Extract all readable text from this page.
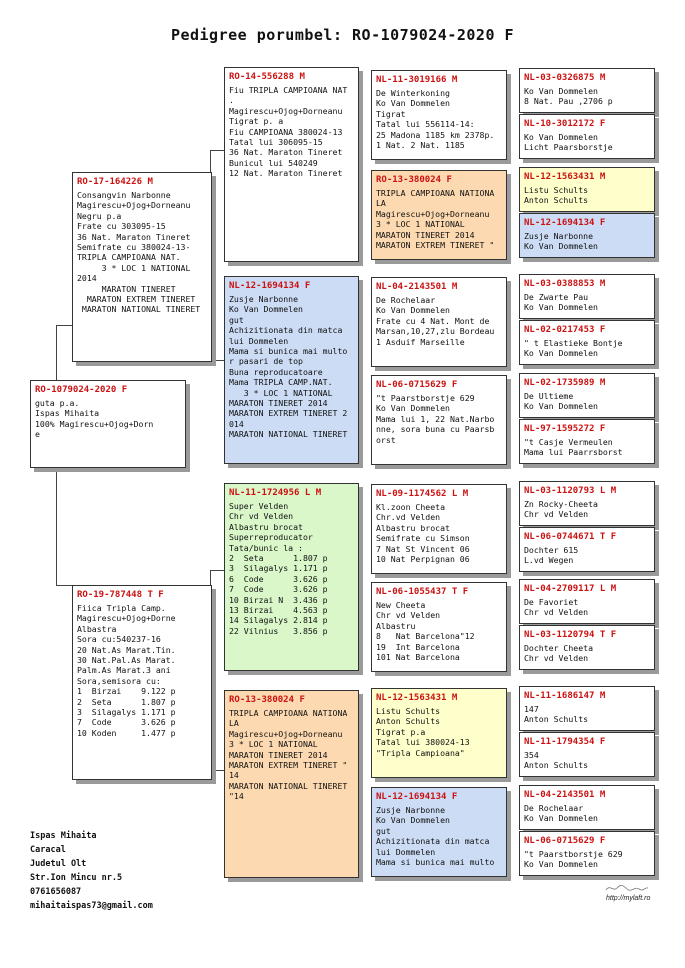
Pedigree porumbel: RO-1079024-2020 F
RO-1079024-2020 F
guta p.a.
Ispas Mihaita
100% Magirescu+Ojog+Dorn
e
RO-17-164226 M
Consangvin Narbonne
Magirescu+Ojog+Dorneanu
Negru p.a
Frate cu 303095-15
36 Nat. Maraton Tineret
Semifrate cu 380024-13-
TRIPLA CAMPIOANA NAT.
3 * LOC 1 NATIONAL
2014
MARATON TINERET
MARATON EXTREM TINERET
MARATON NATIONAL TINERET
RO-19-787448 T F
Fiica Tripla Camp.
Magirescu+Ojog+Dorne
Albastra
Sora cu:540237-16
20 Nat.As Marat.Tin.
30 Nat.Pal.As Marat.
Palm.As Marat.3 ani
Sora,semisora cu:
1  Birzai    9.122 p
2  Seta      1.807 p
3  Silagalys 1.171 p
7  Code      3.626 p
10 Koden     1.477 p
RO-14-556288 M
Fiu TRIPLA CAMPIOANA NAT
.
Magirescu+Ojog+Dorneanu
Tigrat p. a
Fiu CAMPIOANA 380024-13
Tatal lui 306095-15
36 Nat. Maraton Tineret
Bunicul lui 540249
12 Nat. Maraton Tineret
NL-12-1694134 F
Zusje Narbonne
Ko Van Dommelen
gut
Achizitionata din matca
lui Dommelen
Mama si bunica mai multo
r pasari de top
Buna reproducatoare
Mama TRIPLA CAMP.NAT.
3 * LOC 1 NATIONAL
MARATON TINERET 2014
MARATON EXTREM TINERET 2
014
MARATON NATIONAL TINERET
NL-11-1724956 L M
Super Velden
Chr vd Velden
Albastru brocat
Superreproducator
Tata/bunic la :
2  Seta      1.807 p
3  Silagalys 1.171 p
6  Code      3.626 p
7  Code      3.626 p
10 Birzai N  3.436 p
13 Birzai    4.563 p
14 Silagalys 2.814 p
22 Vilnius   3.856 p
RO-13-380024 F
TRIPLA CAMPIOANA NATIONA
LA
Magirescu+Ojog+Dorneanu
3 * LOC 1 NATIONAL
MARATON TINERET 2014
MARATON EXTREM TINERET "
14
MARATON NATIONAL TINERET
"14
NL-11-3019166 M
De Winterkoning
Ko Van Dommelen
Tigrat
Tatal lui 556114-14:
25 Madona 1185 km 2378p.
1 Nat. 2 Nat. 1185
RO-13-380024 F
TRIPLA CAMPIOANA NATIONA
LA
Magirescu+Ojog+Dorneanu
3 * LOC 1 NATIONAL
MARATON TINERET 2014
MARATON EXTREM TINERET "
NL-04-2143501 M
De Rochelaar
Ko Van Dommelen
Frate cu 4 Nat. Mont de
Marsan,10,27,zlu Bordeau
1 Asduif Marseille
NL-06-0715629 F
"t Paarstborstje 629
Ko Van Dommelen
Mama lui 1, 22 Nat.Narbo
nne, sora buna cu Paarsb
orst
NL-09-1174562 L M
Kl.zoon Cheeta
Chr.vd Velden
Albastru brocat
Semifrate cu Simson
7 Nat St Vincent 06
10 Nat Perpignan 06
NL-06-1055437 T F
New Cheeta
Chr vd Velden
Albastru
8   Nat Barcelona"12
19  Int Barcelona
101 Nat Barcelona
NL-12-1563431 M
Listu Schults
Anton Schults
Tigrat p.a
Tatal lui 380024-13
"Tripla Campioana"
NL-12-1694134 F
Zusje Narbonne
Ko Van Dommelen
gut
Achizitionata din matca
lui Dommelen
Mama si bunica mai multo
NL-03-0326875 M
Ko Van Dommelen
8 Nat. Pau ,2706 p
NL-10-3012172 F
Ko Van Dommelen
Licht Paarsborstje
NL-12-1563431 M
Listu Schults
Anton Schults
NL-12-1694134 F
Zusje Narbonne
Ko Van Dommelen
NL-03-0388853 M
De Zwarte Pau
Ko Van Dommelen
NL-02-0217453 F
" t Elastieke Bontje
Ko Van Dommelen
NL-02-1735989 M
De Ultieme
Ko Van Dommelen
NL-97-1595272 F
"t Casje Vermeulen
Mama lui Paarrsborst
NL-03-1120793 L M
Zn Rocky-Cheeta
Chr vd Velden
NL-06-0744671 T F
Dochter 615
L.vd Wegen
NL-04-2709117 L M
De Favoriet
Chr vd Velden
NL-03-1120794 T F
Dochter Cheeta
Chr vd Velden
NL-11-1686147 M
147
Anton Schults
NL-11-1794354 F
354
Anton Schults
NL-04-2143501 M
De Rochelaar
Ko Van Dommelen
NL-06-0715629 F
"t Paarstborstje 629
Ko Van Dommelen
Ispas Mihaita
Caracal
Judetul Olt
Str.Ion Mincu nr.5
0761656087
mihaitaispas73@gmail.com
http://mylaft.ro
